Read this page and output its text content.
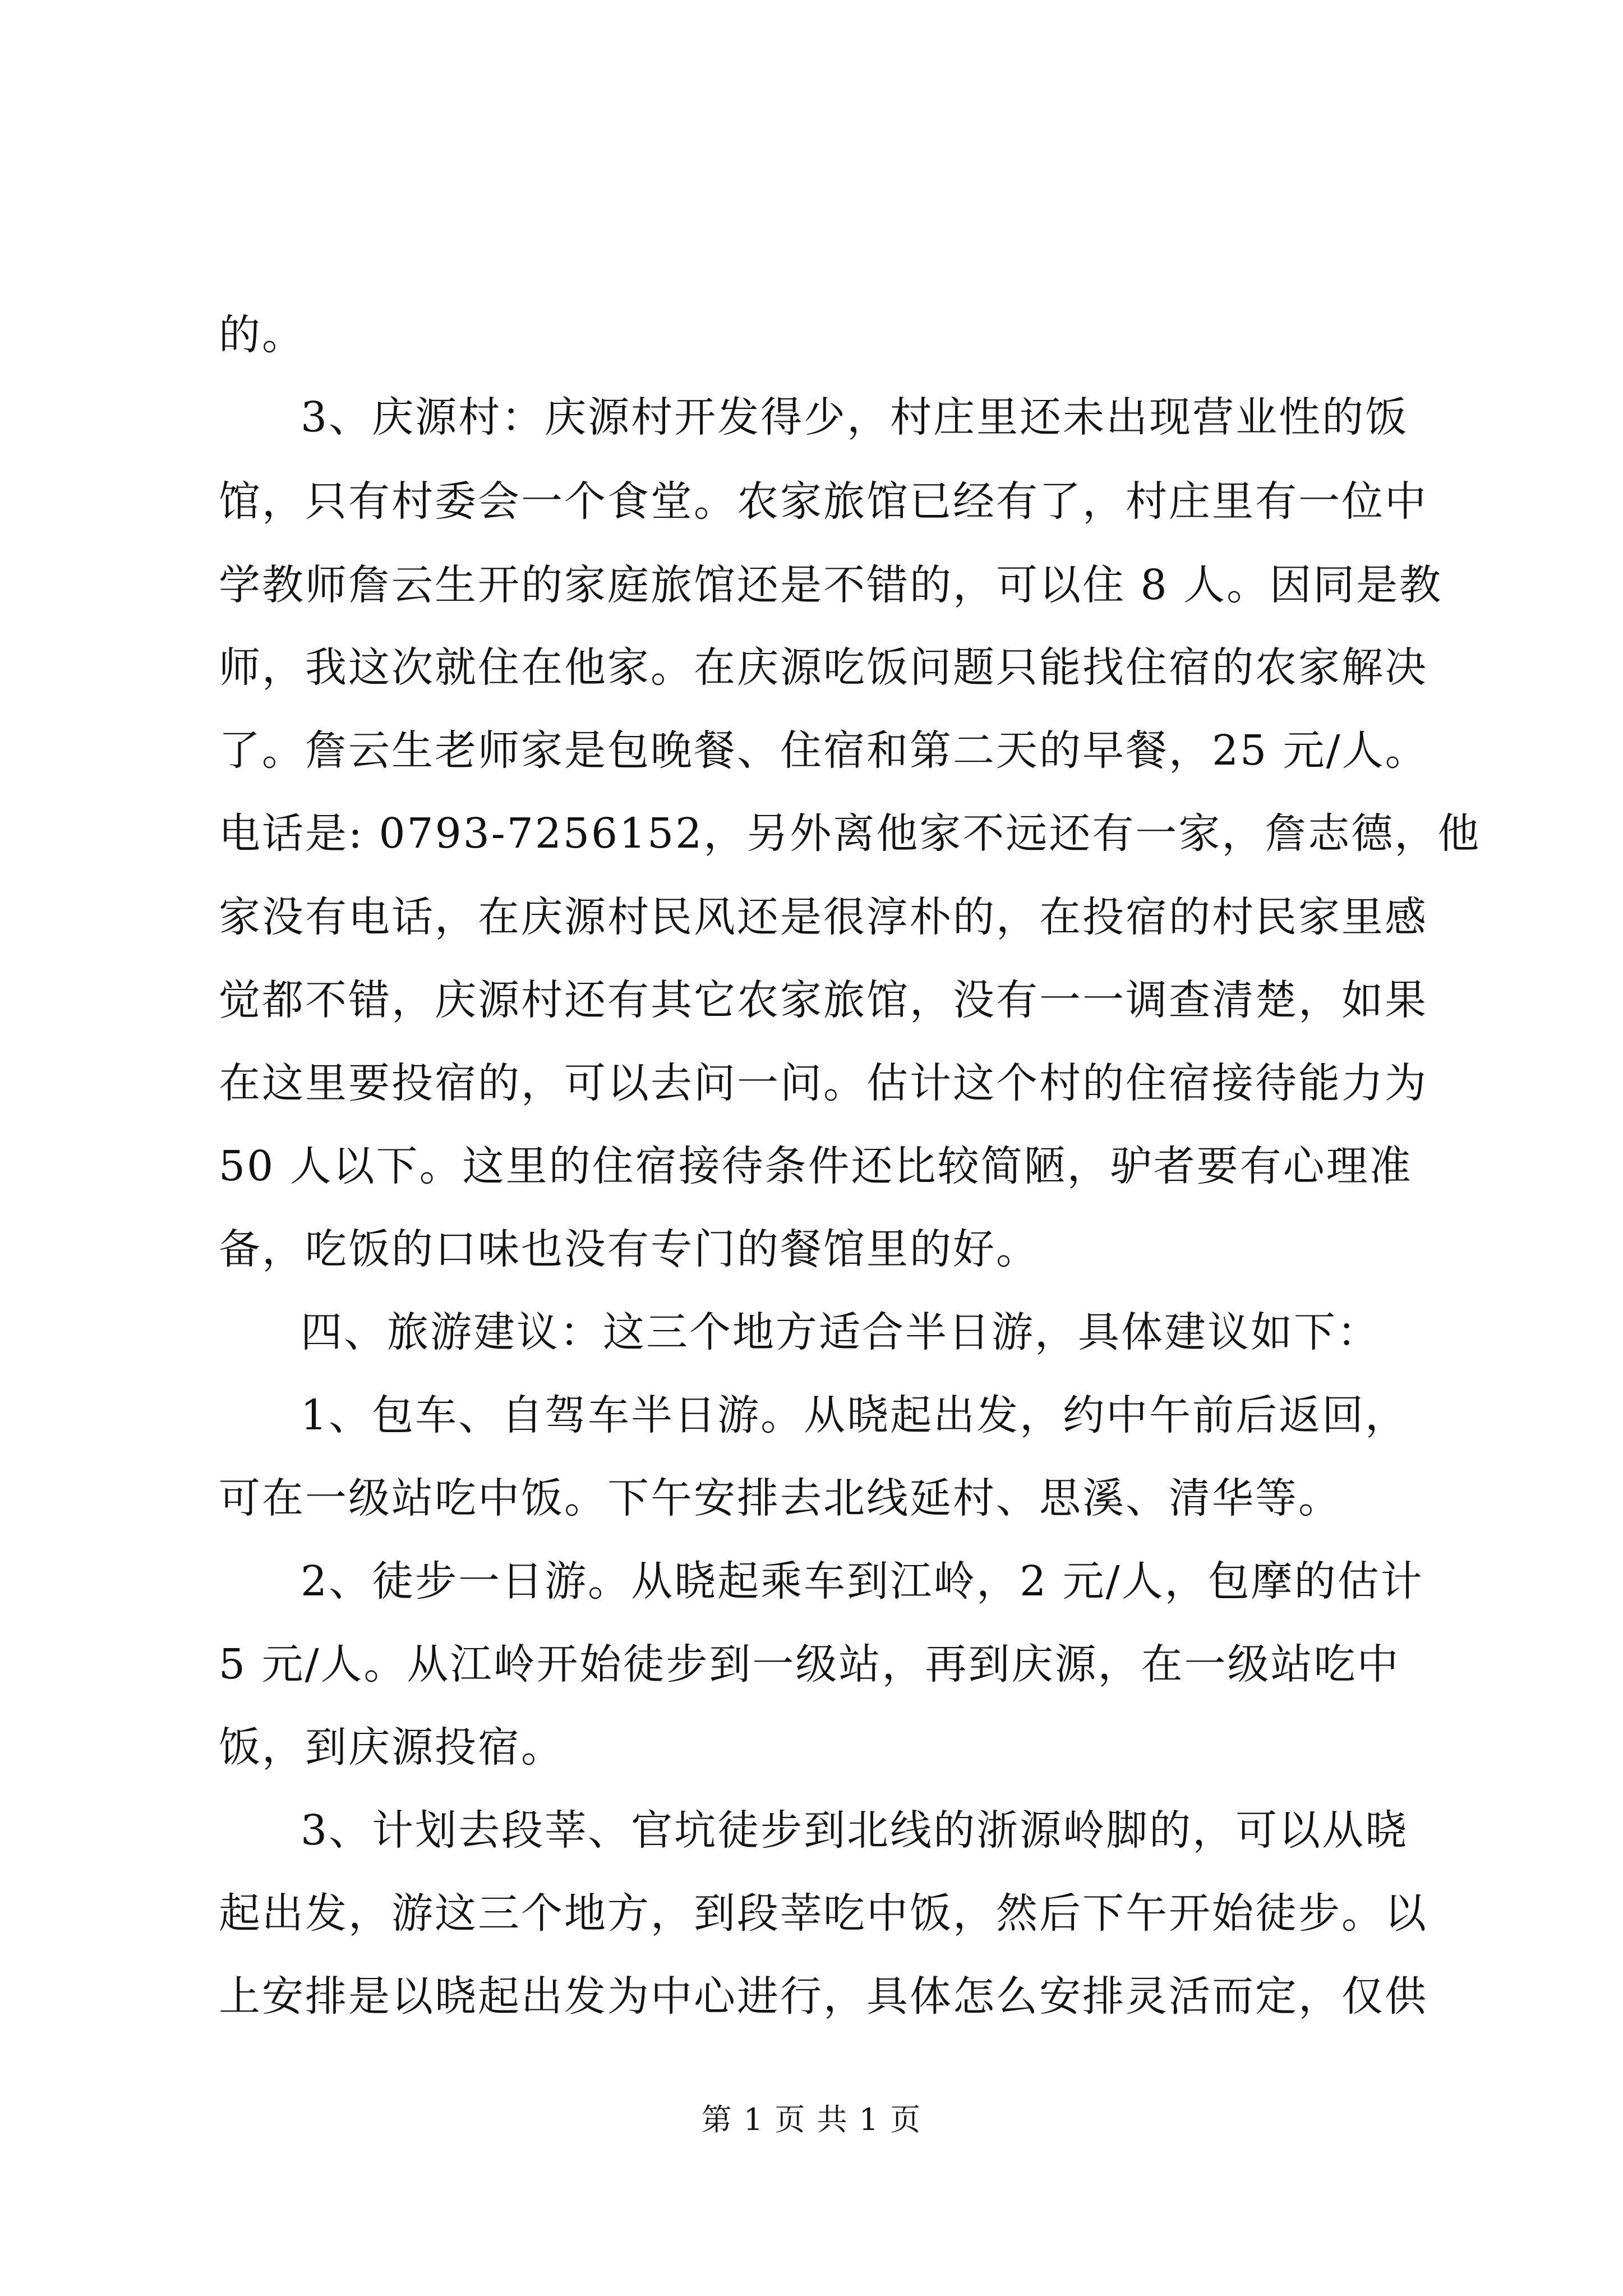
的。
3、庆源村：庆源村开发得少，村庄里还未出现营业性的饭
馆，只有村委会一个食堂。农家旅馆已经有了，村庄里有一位中
学教师詹云生开的家庭旅馆还是不错的，可以住 8 人。因同是教
师，我这次就住在他家。在庆源吃饭问题只能找住宿的农家解决
了。詹云生老师家是包晚餐、住宿和第二天的早餐，25 元/人。
电话是: 0793-7256152，另外离他家不远还有一家，詹志德，他
家没有电话，在庆源村民风还是很淳朴的，在投宿的村民家里感
觉都不错，庆源村还有其它农家旅馆，没有一一调查清楚，如果
在这里要投宿的，可以去问一问。估计这个村的住宿接待能力为
50 人以下。这里的住宿接待条件还比较简陋，驴者要有心理准
备，吃饭的口味也没有专门的餐馆里的好。
四、旅游建议：这三个地方适合半日游，具体建议如下：
1、包车、自驾车半日游。从晓起出发，约中午前后返回，
可在一级站吃中饭。下午安排去北线延村、思溪、清华等。
2、徒步一日游。从晓起乘车到江岭，2 元/人，包摩的估计
5 元/人。从江岭开始徒步到一级站，再到庆源，在一级站吃中
饭，到庆源投宿。
3、计划去段莘、官坑徒步到北线的浙源岭脚的，可以从晓
起出发，游这三个地方，到段莘吃中饭，然后下午开始徒步。以
上安排是以晓起出发为中心进行，具体怎么安排灵活而定，仅供
第 1 页 共 1 页
